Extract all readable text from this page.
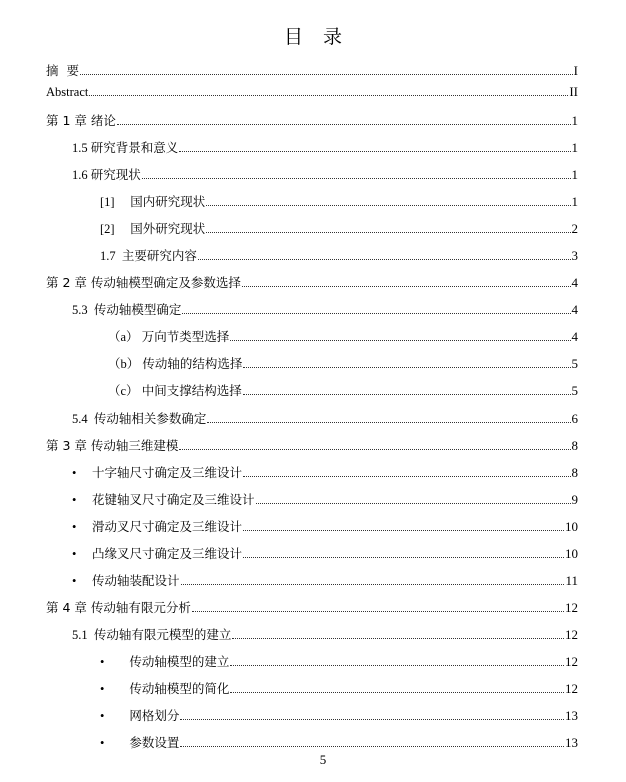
目录
摘  要	I
Abstract	II
第 1 章 绪论	1
1.5 研究背景和意义	1
1.6 研究现状	1
[1] 国内研究现状	1
[2] 国外研究现状	2
1.7 主要研究内容	3
第 2 章 传动轴模型确定及参数选择	4
5.3 传动轴模型确定	4
（a） 万向节类型选择	4
（b） 传动轴的结构选择	5
（c） 中间支撑结构选择	5
5.4 传动轴相关参数确定	6
第 3 章 传动轴三维建模	8
• 十字轴尺寸确定及三维设计	8
• 花键轴叉尺寸确定及三维设计	9
• 滑动叉尺寸确定及三维设计	10
• 凸缘叉尺寸确定及三维设计	10
• 传动轴装配设计	11
第 4 章 传动轴有限元分析	12
5.1 传动轴有限元模型的建立	12
• 传动轴模型的建立	12
• 传动轴模型的简化	12
• 网格划分	13
• 参数设置	13
5
